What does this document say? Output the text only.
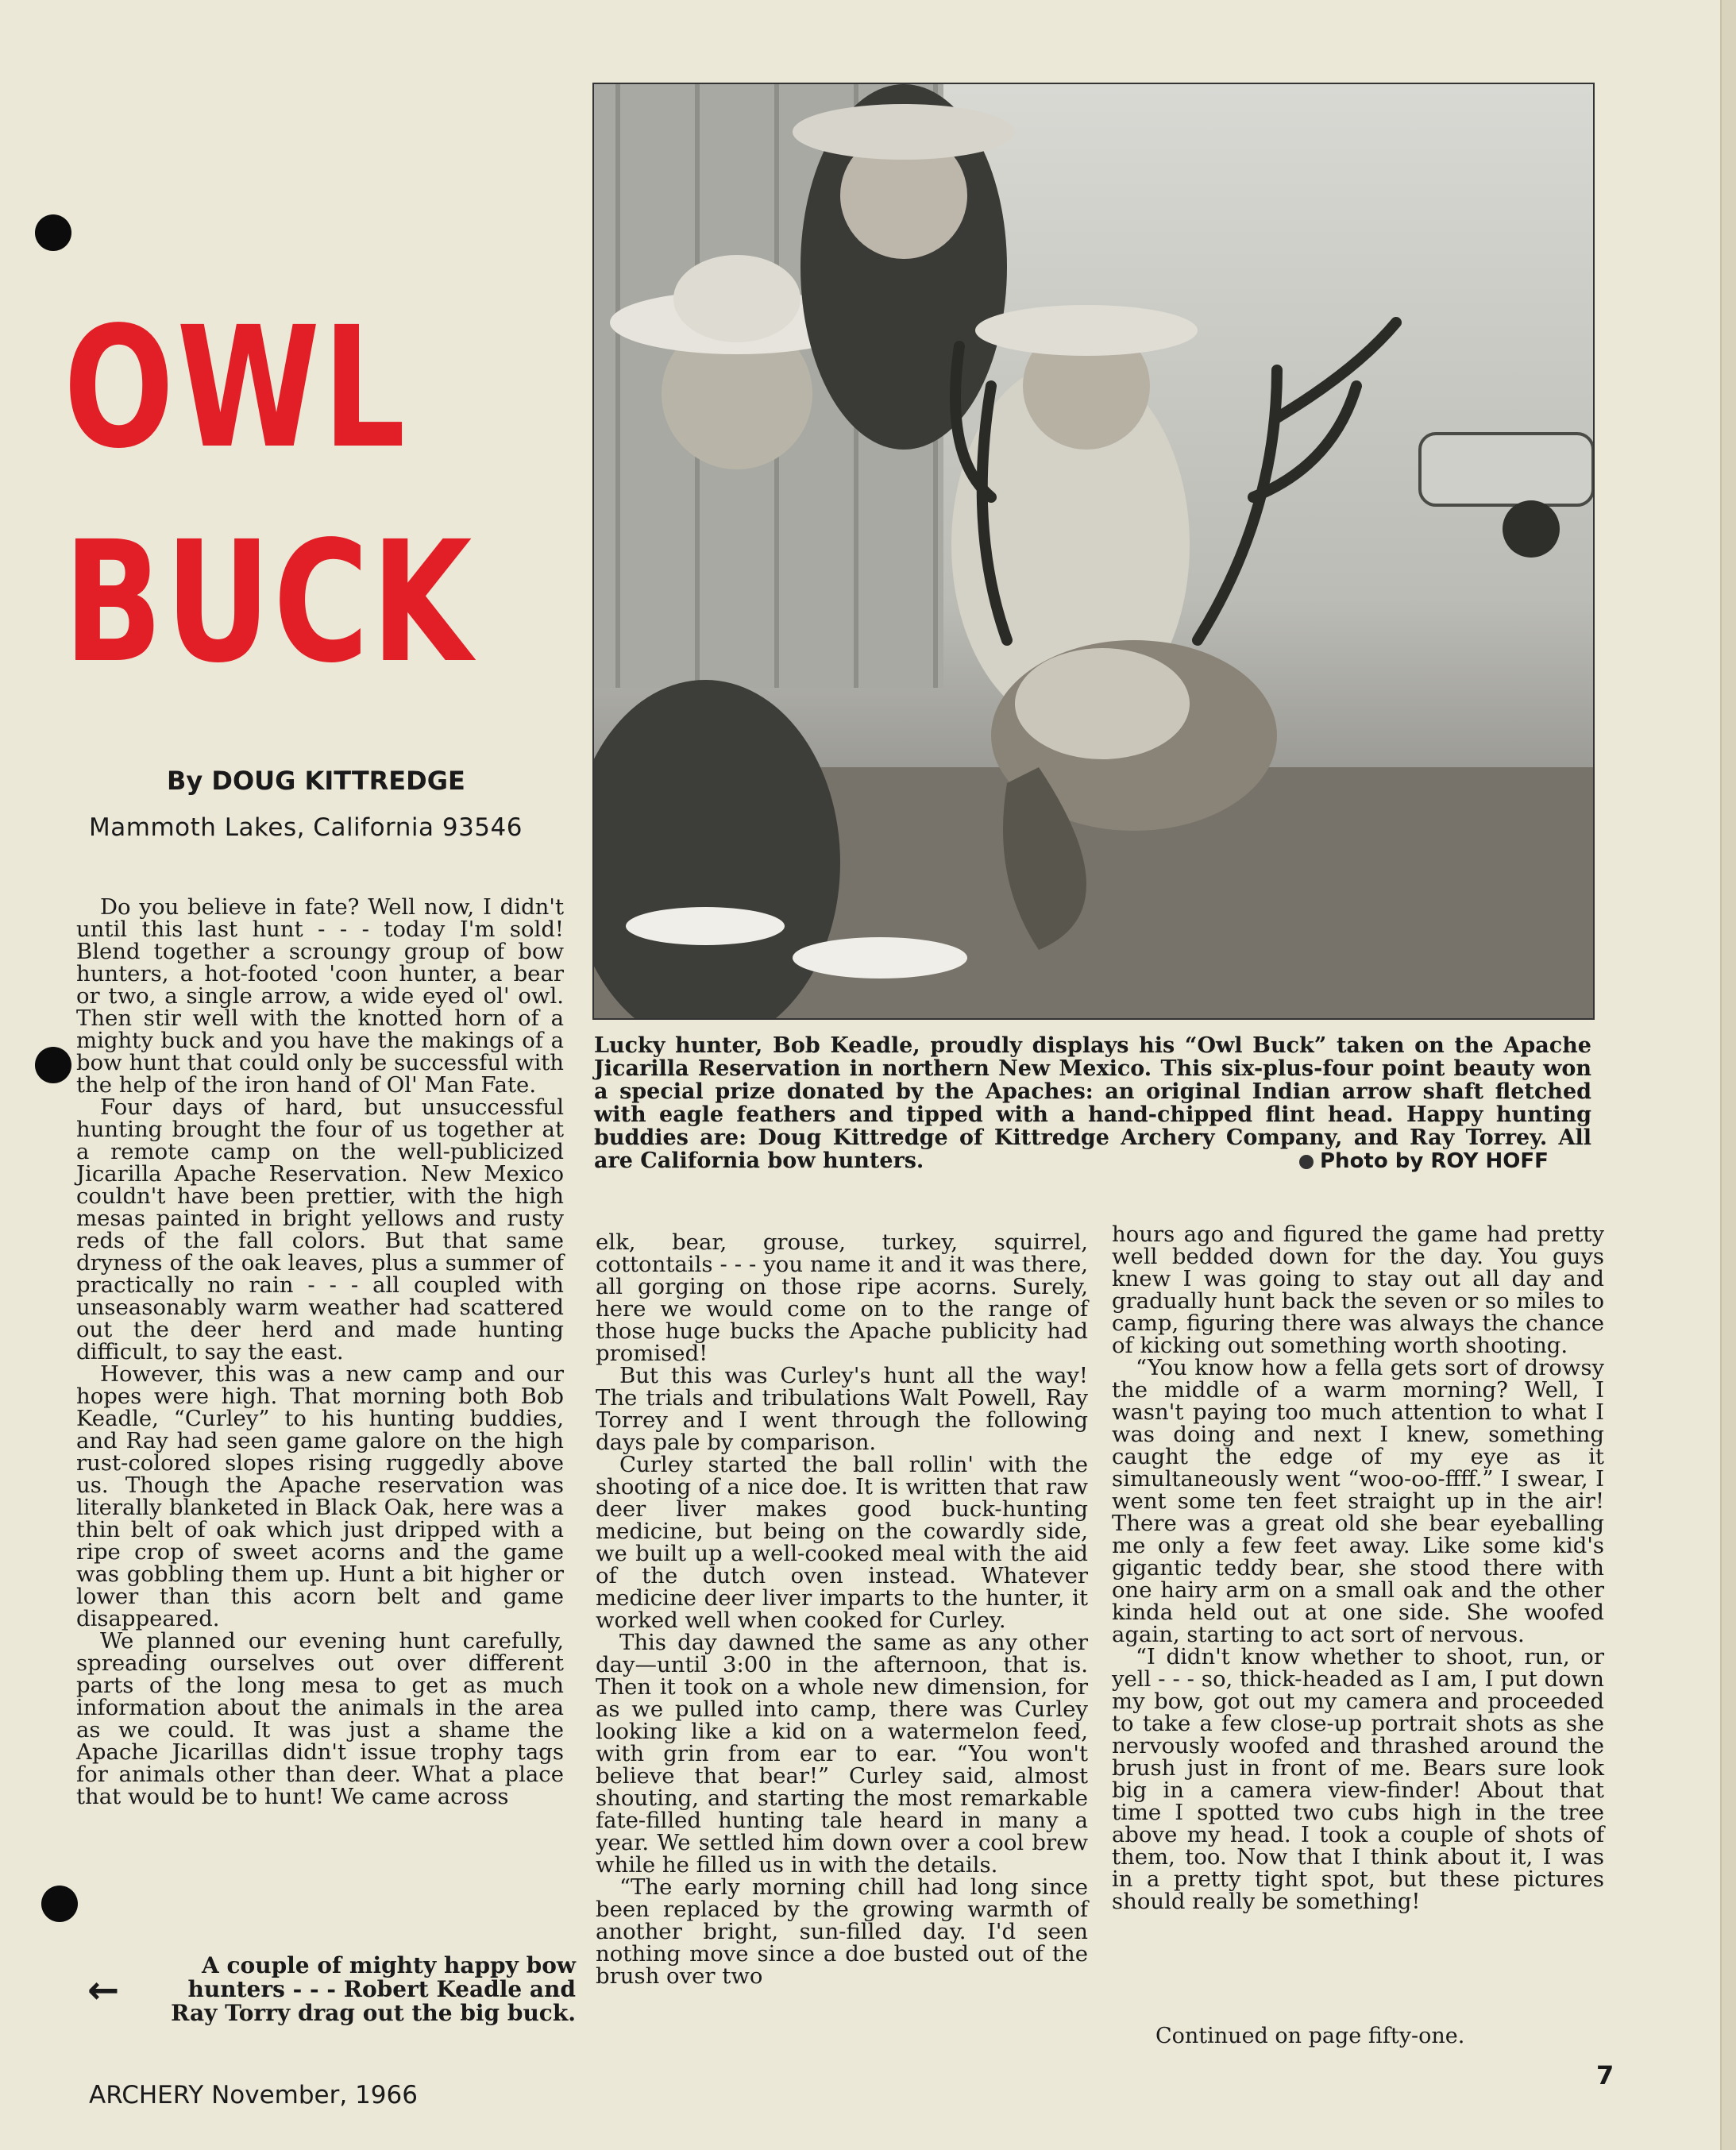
OWL
BUCK
By DOUG KITTREDGE
Mammoth Lakes, California 93546
Lucky hunter, Bob Keadle, proudly displays his “Owl Buck” taken on the Apache Jicarilla Reservation in northern New Mexico. This six-plus-four point beauty won a special prize donated by the Apaches: an original Indian arrow shaft fletched with eagle feathers and tipped with a hand-chipped flint head. Happy hunting buddies are: Doug Kittredge of Kittredge Archery Company, and Ray Torrey. All are California bow hunters.	Photo by ROY HOFF

Do you believe in fate? Well now, I didn't until this last hunt - - - today I'm sold! Blend together a scroungy group of bow hunters, a hot-footed 'coon hunter, a bear or two, a single arrow, a wide eyed ol' owl. Then stir well with the knotted horn of a mighty buck and you have the makings of a bow hunt that could only be successful with the help of the iron hand of Ol' Man Fate.

Four days of hard, but unsuccessful hunting brought the four of us together at a remote camp on the well-publicized Jicarilla Apache Reservation. New Mexico couldn't have been prettier, with the high mesas painted in bright yellows and rusty reds of the fall colors. But that same dryness of the oak leaves, plus a summer of practically no rain - - - all coupled with unseasonably warm weather had scattered out the deer herd and made hunting difficult, to say the east.

However, this was a new camp and our hopes were high. That morning both Bob Keadle, “Curley” to his hunting buddies, and Ray had seen game galore on the high rust-colored slopes rising ruggedly above us. Though the Apache reservation was literally blanketed in Black Oak, here was a thin belt of oak which just dripped with a ripe crop of sweet acorns and the game was gobbling them up. Hunt a bit higher or lower than this acorn belt and game disappeared.

We planned our evening hunt carefully, spreading ourselves out over different parts of the long mesa to get as much information about the animals in the area as we could. It was just a shame the Apache Jicarillas didn't issue trophy tags for animals other than deer. What a place that would be to hunt! We came across

elk, bear, grouse, turkey, squirrel, cottontails - - - you name it and it was there, all gorging on those ripe acorns. Surely, here we would come on to the range of those huge bucks the Apache publicity had promised!

But this was Curley's hunt all the way! The trials and tribulations Walt Powell, Ray Torrey and I went through the following days pale by comparison.

Curley started the ball rollin' with the shooting of a nice doe. It is written that raw deer liver makes good buck-hunting medicine, but being on the cowardly side, we built up a well-cooked meal with the aid of the dutch oven instead. Whatever medicine deer liver imparts to the hunter, it worked well when cooked for Curley.

This day dawned the same as any other day—until 3:00 in the afternoon, that is. Then it took on a whole new dimension, for as we pulled into camp, there was Curley looking like a kid on a watermelon feed, with grin from ear to ear. “You won't believe that bear!” Curley said, almost shouting, and starting the most remarkable fate-filled hunting tale heard in many a year. We settled him down over a cool brew while he filled us in with the details.

“The early morning chill had long since been replaced by the growing warmth of another bright, sun-filled day. I'd seen nothing move since a doe busted out of the brush over two

hours ago and figured the game had pretty well bedded down for the day. You guys knew I was going to stay out all day and gradually hunt back the seven or so miles to camp, figuring there was always the chance of kicking out something worth shooting.

“You know how a fella gets sort of drowsy the middle of a warm morning? Well, I wasn't paying too much attention to what I was doing and next I knew, something caught the edge of my eye as it simultaneously went “woo-oo-ffff.” I swear, I went some ten feet straight up in the air! There was a great old she bear eyeballing me only a few feet away. Like some kid's gigantic teddy bear, she stood there with one hairy arm on a small oak and the other kinda held out at one side. She woofed again, starting to act sort of nervous.

“I didn't know whether to shoot, run, or yell - - - so, thick-headed as I am, I put down my bow, got out my camera and proceeded to take a few close-up portrait shots as she nervously woofed and thrashed around the brush just in front of me. Bears sure look big in a camera view-finder! About that time I spotted two cubs high in the tree above my head. I took a couple of shots of them, too. Now that I think about it, I was in a pretty tight spot, but these pictures should really be something!

←
A couple of mighty happy bow hunters - - - Robert Keadle and Ray Torry drag out the big buck.
Continued on page fifty-one.
ARCHERY November, 1966
7
